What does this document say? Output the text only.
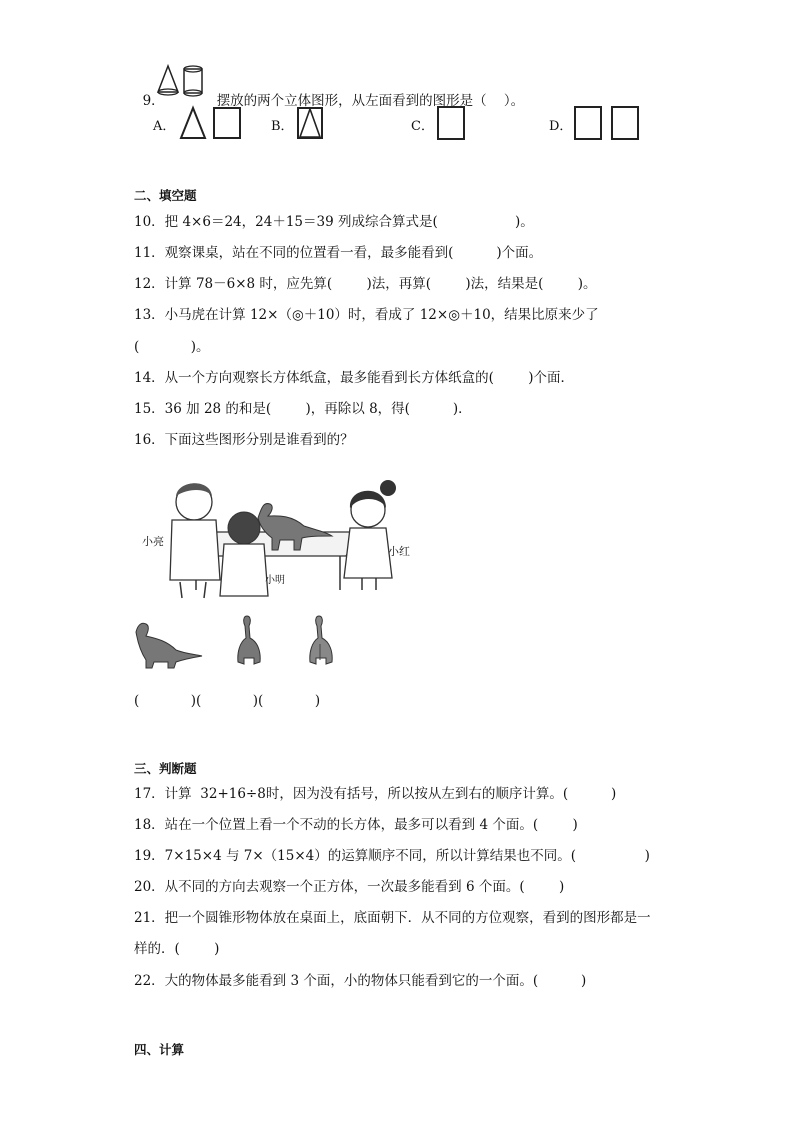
9．	摆放的两个立体图形，从左面看到的图形是（    ）。

A．	B．	C．	D．
二、填空题
10．把 4×6＝24，24＋15＝39 列成综合算式是(                  )。
11．观察课桌，站在不同的位置看一看，最多能看到(          )个面。
12．计算 78－6×8 时，应先算(        )法，再算(        )法，结果是(        )。
13．小马虎在计算 12×（◎＋10）时，看成了 12×◎＋10，结果比原来少了
(            )。
14．从一个方向观察长方体纸盒，最多能看到长方体纸盒的(        )个面．
15．36 加 28 的和是(        )，再除以 8，得(          )．
16．下面这些图形分别是谁看到的？
小亮
小红
小明
(            )(            )(            )
三、判断题
17．计算  32+16÷8时，因为没有括号，所以按从左到右的顺序计算。(          )
18．站在一个位置上看一个不动的长方体，最多可以看到 4 个面。(        )
19．7×15×4 与 7×（15×4）的运算顺序不同，所以计算结果也不同。(                )
20．从不同的方向去观察一个正方体，一次最多能看到 6 个面。(        )
21．把一个圆锥形物体放在桌面上，底面朝下．从不同的方位观察，看到的图形都是一
样的．(        )
22．大的物体最多能看到 3 个面，小的物体只能看到它的一个面。(          )
四、计算
